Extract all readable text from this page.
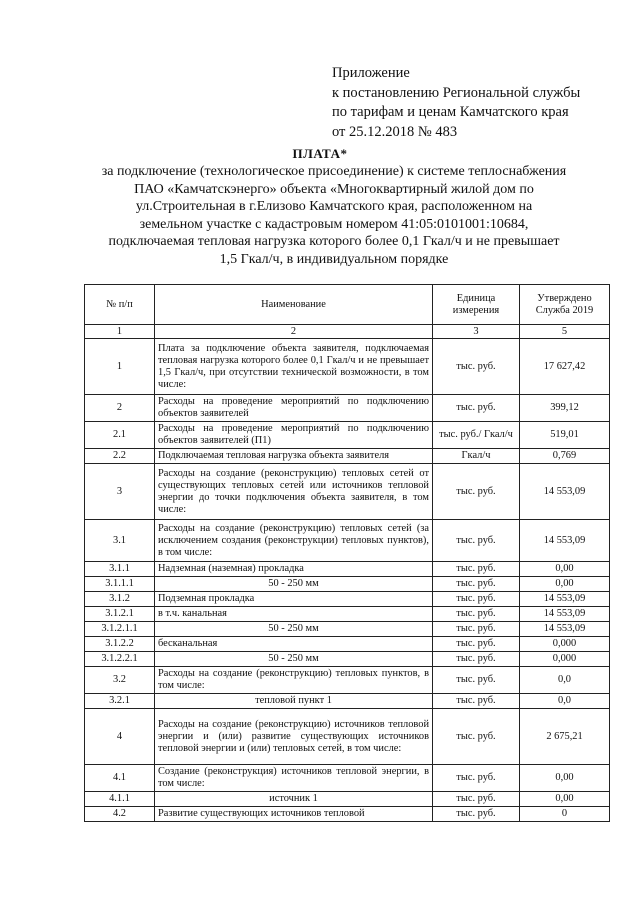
Приложение
к постановлению Региональной службы
по тарифам и ценам Камчатского края
от 25.12.2018 № 483
ПЛАТА*
за подключение (технологическое присоединение) к системе теплоснабжения
ПАО «Камчатскэнерго» объекта «Многоквартирный жилой дом по
ул.Строительная в г.Елизово Камчатского края, расположенном на
земельном участке с кадастровым номером 41:05:0101001:10684,
подключаемая тепловая нагрузка которого более 0,1 Гкал/ч и не превышает
1,5 Гкал/ч, в индивидуальном порядке
№ п/п	Наименование	Единица измерения	Утверждено Служба 2019
1	2	3	5
1	Плата за подключение объекта заявителя, подключаемая тепловая нагрузка которого более 0,1 Гкал/ч и не превышает 1,5 Гкал/ч, при отсутствии технической возможности, в том числе:	тыс. руб.	17 627,42
2	Расходы на проведение мероприятий по подключению объектов заявителей	тыс. руб.	399,12
2.1	Расходы на проведение мероприятий по подключению объектов заявителей (П1)	тыс. руб./ Гкал/ч	519,01
2.2	Подключаемая тепловая нагрузка объекта заявителя	Гкал/ч	0,769
3	Расходы на создание (реконструкцию) тепловых сетей от существующих тепловых сетей или источников тепловой энергии до точки подключения объекта заявителя, в том числе:	тыс. руб.	14 553,09
3.1	Расходы на создание (реконструкцию) тепловых сетей (за исключением создания (реконструкции) тепловых пунктов), в том числе:	тыс. руб.	14 553,09
3.1.1	Надземная (наземная) прокладка	тыс. руб.	0,00
3.1.1.1	50 - 250 мм	тыс. руб.	0,00
3.1.2	Подземная прокладка	тыс. руб.	14 553,09
3.1.2.1	в т.ч. канальная	тыс. руб.	14 553,09
3.1.2.1.1	50 - 250 мм	тыс. руб.	14 553,09
3.1.2.2	бесканальная	тыс. руб.	0,000
3.1.2.2.1	50 - 250 мм	тыс. руб.	0,000
3.2	Расходы на создание (реконструкцию) тепловых пунктов, в том числе:	тыс. руб.	0,0
3.2.1	тепловой пункт 1	тыс. руб.	0,0
4	Расходы на создание (реконструкцию) источников тепловой энергии и (или) развитие существующих источников тепловой энергии и (или) тепловых сетей, в том числе:	тыс. руб.	2 675,21
4.1	Создание (реконструкция) источников тепловой энергии, в том числе:	тыс. руб.	0,00
4.1.1	источник 1	тыс. руб.	0,00
4.2	Развитие существующих источников тепловой	тыс. руб.	0
